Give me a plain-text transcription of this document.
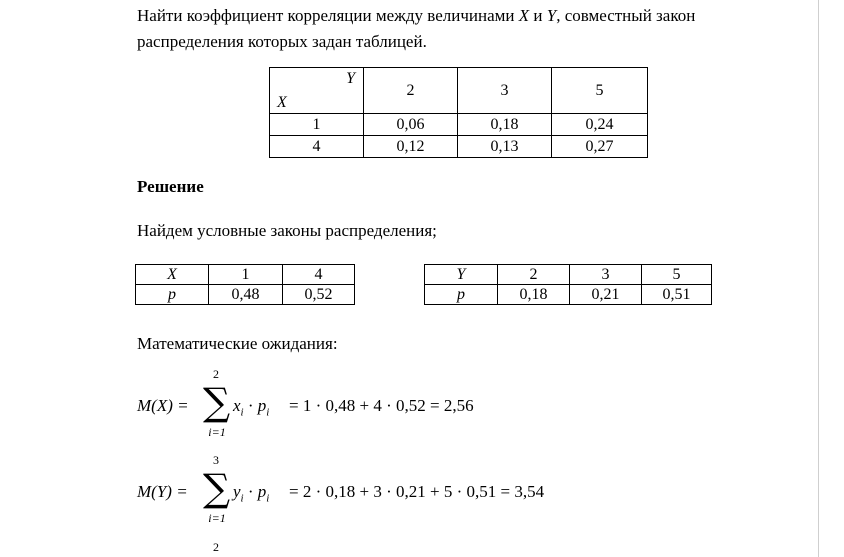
Найти коэффициент корреляции между величинами X и Y, совместный закон
распределения которых задан таблицей.
Y
X	2	3	5
1	0,06	0,18	0,24
4	0,12	0,13	0,27
Решение
Найдем условные законы распределения;
X	1	4
p	0,48	0,52
Y	2	3	5
p	0,18	0,21	0,51
Математические ожидания:
M(X) =
2
∑
i=1
$x_i \cdot p_i = 1 \cdot 0,48 + 4 \cdot 0,52 = 2,56$
M(Y) =
3
∑
i=1
$y_i \cdot p_i = 2 \cdot 0,18 + 3 \cdot 0,21 + 5 \cdot 0,51 = 3,54$
2
